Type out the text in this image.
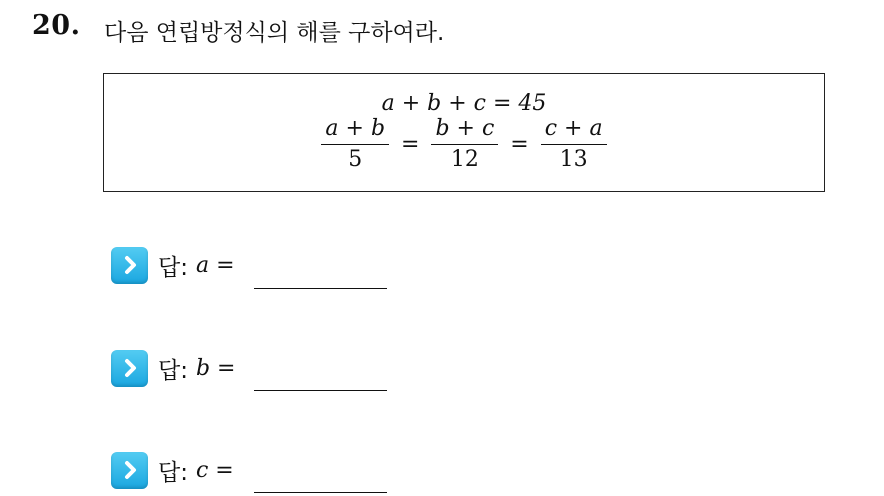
20. 다음 연립방정식의 해를 구하여라.
a + b + c = 45
$\frac{a + b}{5} = \frac{b + c}{12} = \frac{c + a}{13}$
답: a =
답: b =
답: c =
